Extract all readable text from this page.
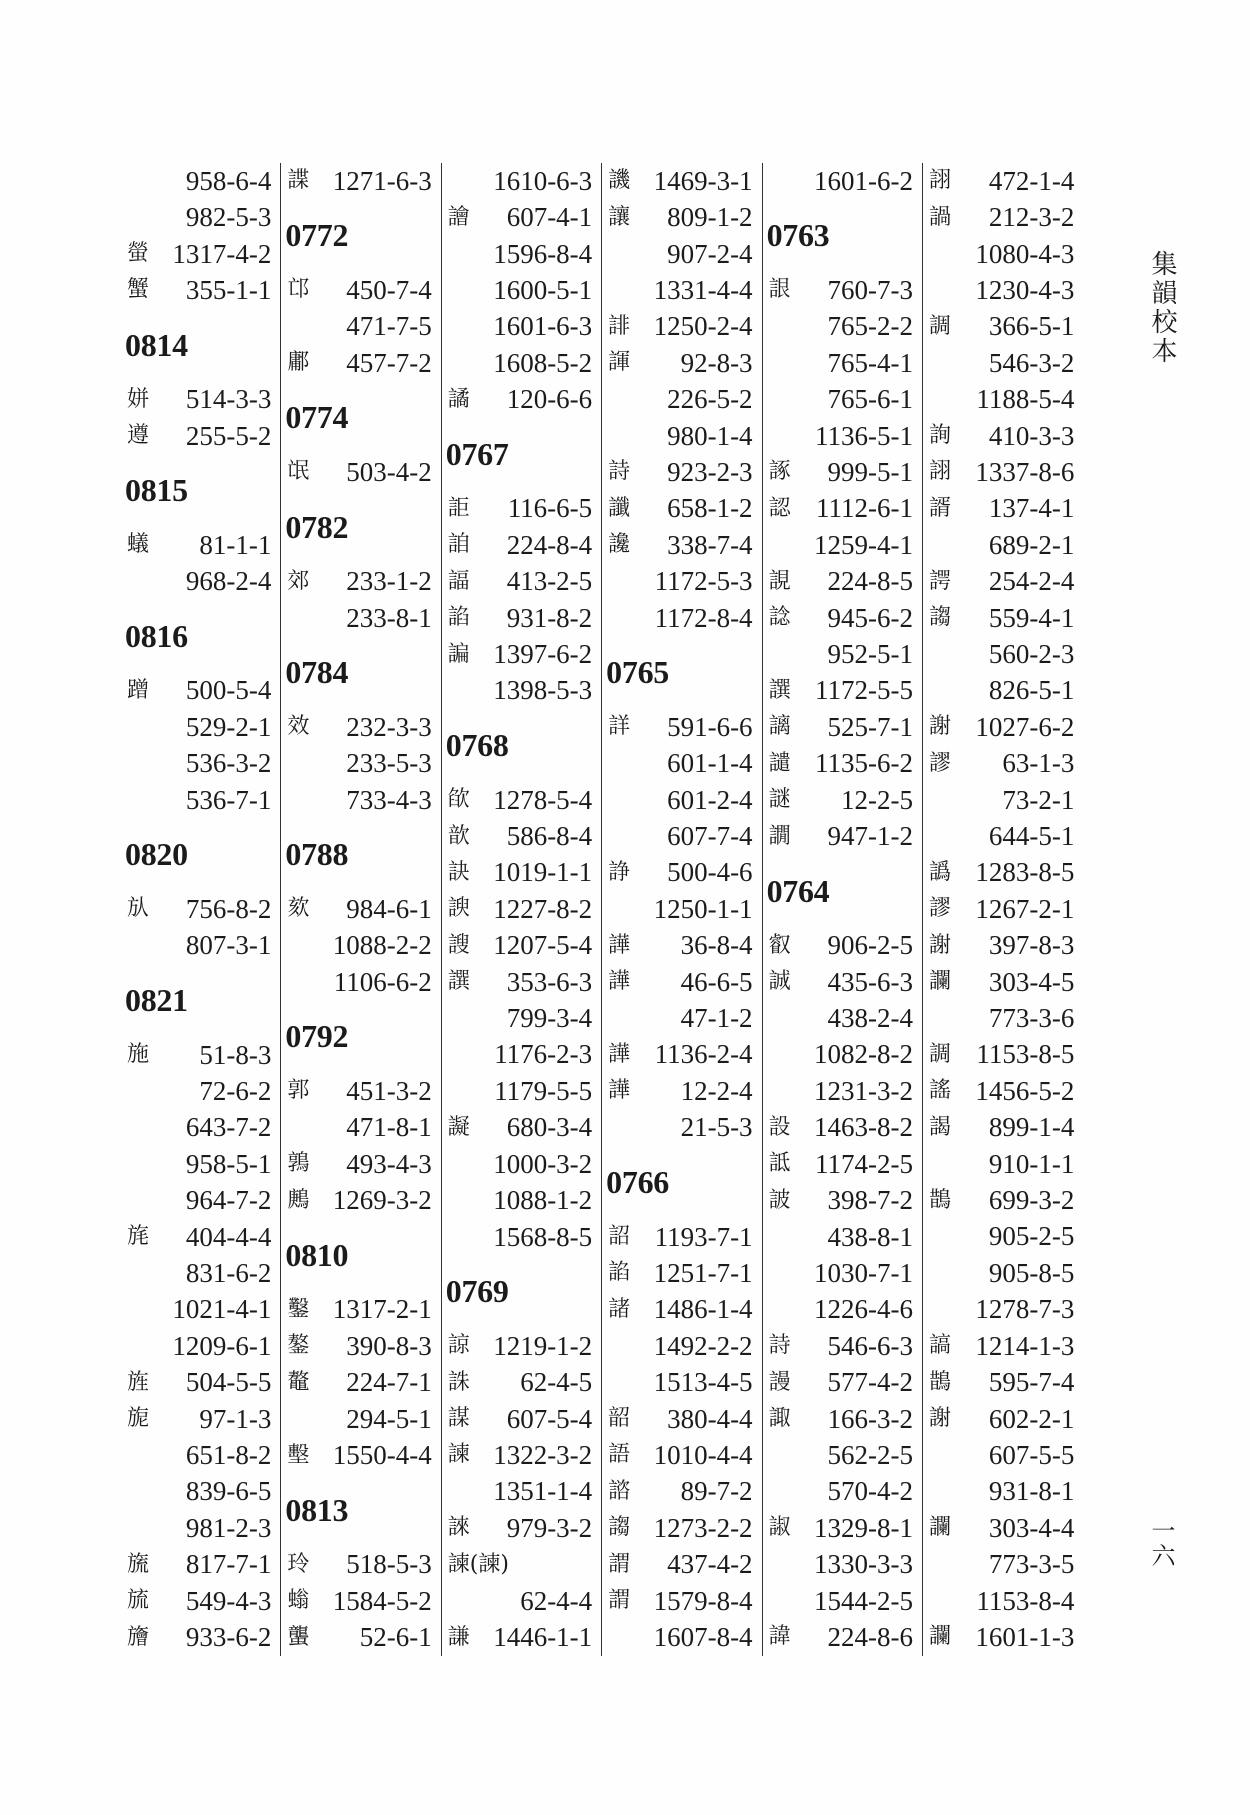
958-6-4
982-5-3
螢 1317-4-2
蟹 355-1-1
0814
姘 514-3-3
遵 255-5-2
0815
蟻 81-1-1
968-2-4
0816
蹭 500-5-4
529-2-1
536-3-2
536-7-1
0820
㫃 756-8-2
807-3-1
0821
施 51-8-3
72-6-2
643-7-2
958-5-1
964-7-2
旄 404-4-4
831-6-2
1021-4-1
1209-6-1
旌 504-5-5
旎 97-1-3
651-8-2
839-6-5
981-2-3
旒 817-7-1
旈 549-4-3
旝 933-6-2
諜 1271-6-3
0772
邙 450-7-4
471-7-5
鄘 457-7-2
0774
氓 503-4-2
0782
郊 233-1-2
233-8-1
0784
效 232-3-3
233-5-3
733-4-3
0788
欬 984-6-1
1088-2-2
1106-6-2
0792
郭 451-3-2
471-8-1
鶉 493-4-3
鶊 1269-3-2
0810
鑿 1317-2-1
鏊 390-8-3
鼇 224-7-1
294-5-1
墼 1550-4-4
0813
玲 518-5-3
螉 1584-5-2
蠪 52-6-1
1610-6-3
譮 607-4-1
1596-8-4
1600-5-1
1601-6-3
1608-5-2
譎 120-6-6
0767
詎 116-6-5
詯 224-8-4
諨 413-2-5
諂 931-8-2
諞 1397-6-2
1398-5-3
0768
欿 1278-5-4
歆 586-8-4
訣 1019-1-1
諛 1227-8-2
謏 1207-5-4
譔 353-6-3
799-3-4
1176-2-3
1179-5-5
譺 680-3-4
1000-3-2
1088-1-2
1568-8-5
0769
諒 1219-1-2
誅 62-4-5
謀 607-5-4
諫 1322-3-2
1351-1-4
誺 979-3-2
諫(諫)
62-4-4
謙 1446-1-1
譏 1469-3-1
讓 809-1-2
907-2-4
1331-4-4
誹 1250-2-4
諢 92-8-3
226-5-2
980-1-4
詩 923-2-3
讖 658-1-2
讒 338-7-4
1172-5-3
1172-8-4
0765
詳 591-6-6
601-1-4
601-2-4
607-7-4
諍 500-4-6
1250-1-1
譁 36-8-4
譁 46-6-5
47-1-2
譁 1136-2-4
譁 12-2-4
21-5-3
0766
詔 1193-7-1
諂 1251-7-1
諸 1486-1-4
1492-2-2
1513-4-5
韶 380-4-4
語 1010-4-4
諮 89-7-2
謅 1273-2-2
謂 437-4-2
謂 1579-8-4
1607-8-4
1601-6-2
0763
詪 760-7-3
765-2-2
765-4-1
765-6-1
1136-5-1
諑 999-5-1
認 1112-6-1
1259-4-1
誢 224-8-5
諗 945-6-2
952-5-1
譔 1172-5-5
謧 525-7-1
譴 1135-6-2
謎 12-2-5
譋 947-1-2
0764
叡 906-2-5
誠 435-6-3
438-2-4
1082-8-2
1231-3-2
設 1463-8-2
詆 1174-2-5
詖 398-7-2
438-8-1
1030-7-1
1226-4-6
詩 546-6-3
謾 577-4-2
諏 166-3-2
562-2-5
570-4-2
諔 1329-8-1
1330-3-3
1544-2-5
諱 224-8-6
詡 472-1-4
諣 212-3-2
1080-4-3
1230-4-3
調 366-5-1
546-3-2
1188-5-4
詢 410-3-3
詡 1337-8-6
諝 137-4-1
689-2-1
諤 254-2-4
謅 559-4-1
560-2-3
826-5-1
謝 1027-6-2
謬 63-1-3
73-2-1
644-5-1
譌 1283-8-5
謬 1267-2-1
謝 397-8-3
讕 303-4-5
773-3-6
調 1153-8-5
謠 1456-5-2
謁 899-1-4
910-1-1
鵲 699-3-2
905-2-5
905-8-5
1278-7-3
謞 1214-1-3
鵲 595-7-4
謝 602-2-1
607-5-5
931-8-1
讕 303-4-4
773-3-5
1153-8-4
讕 1601-1-3
集韻校本
一六
